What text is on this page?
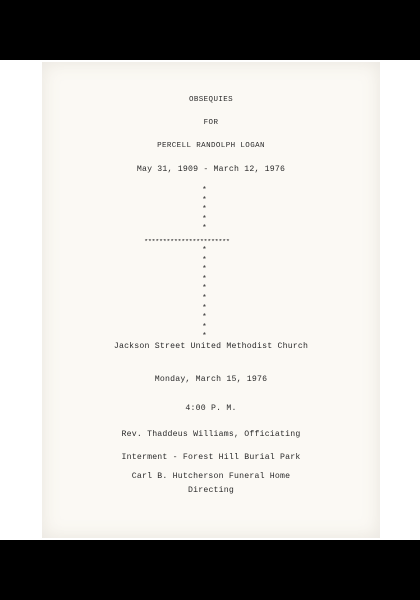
OBSEQUIES
FOR
PERCELL RANDOLPH LOGAN
May 31, 1909 - March 12, 1976
*
*
*
*
*
***********************
*
*
*
*
*
*
*
*
*
*
Jackson Street United Methodist Church
Monday, March 15, 1976
4:00 P. M.
Rev. Thaddeus Williams, Officiating
Interment - Forest Hill Burial Park
Carl B. Hutcherson Funeral Home
Directing
